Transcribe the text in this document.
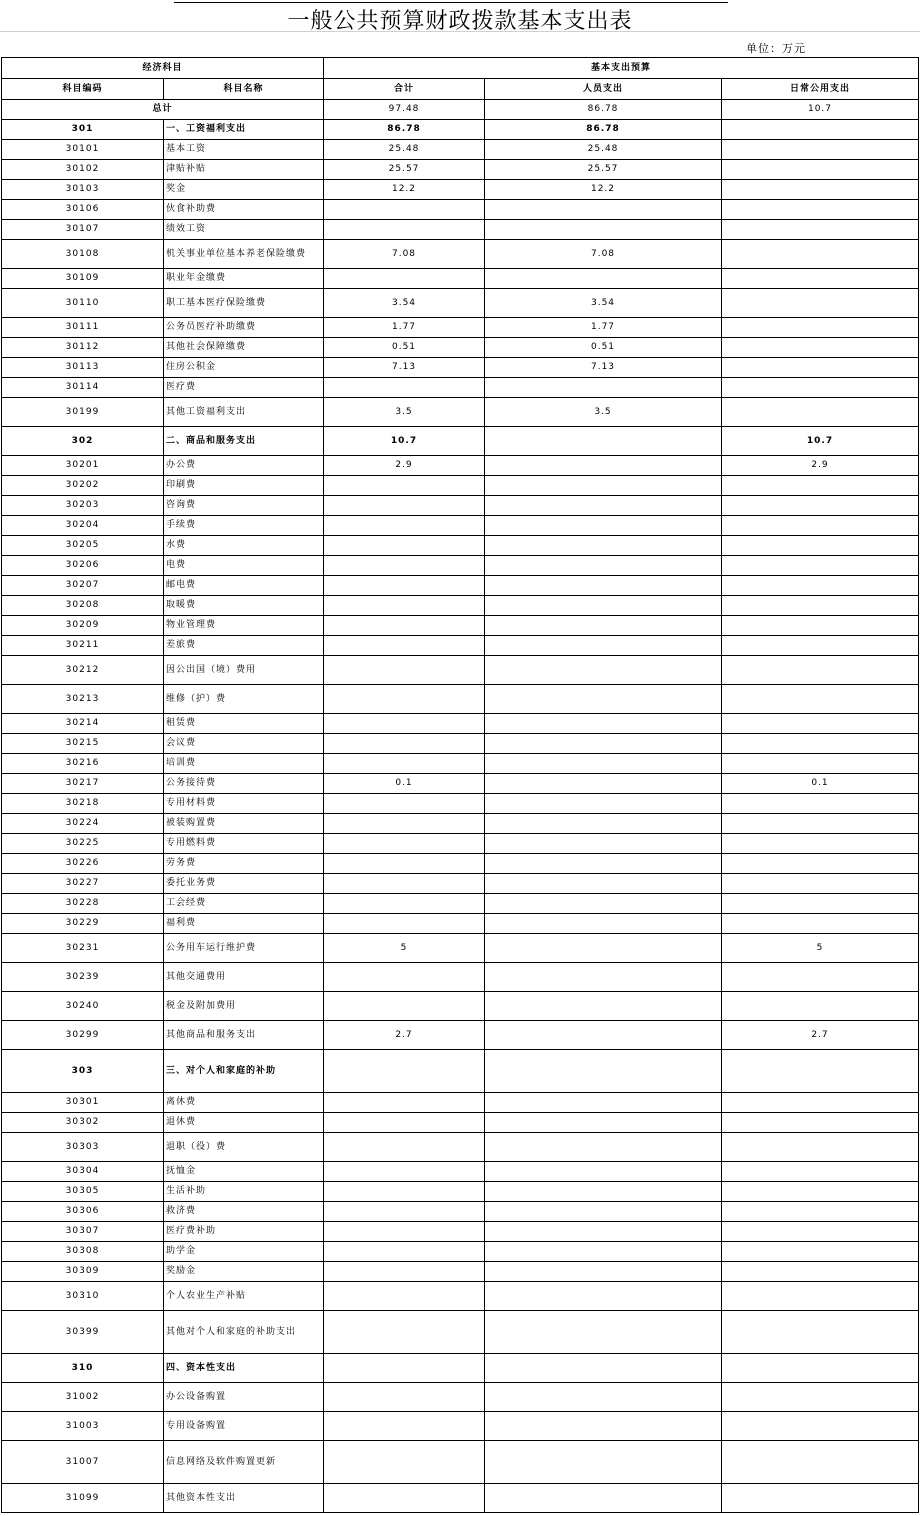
一般公共预算财政拨款基本支出表
单位：万元
经济科目		基本支出预算		
科目编码	科目名称	合计	人员支出	日常公用支出
总计		97.48	86.78	10.7
301	一、工资福利支出	86.78	86.78	
30101	基本工资	25.48	25.48	
30102	津贴补贴	25.57	25.57	
30103	奖金	12.2	12.2	
30106	伙食补助费			
30107	绩效工资			
30108	机关事业单位基本养老保险缴费	7.08	7.08	
30109	职业年金缴费			
30110	职工基本医疗保险缴费	3.54	3.54	
30111	公务员医疗补助缴费	1.77	1.77	
30112	其他社会保障缴费	0.51	0.51	
30113	住房公积金	7.13	7.13	
30114	医疗费			
30199	其他工资福利支出	3.5	3.5	
302	二、商品和服务支出	10.7		10.7
30201	办公费	2.9		2.9
30202	印刷费			
30203	咨询费			
30204	手续费			
30205	水费			
30206	电费			
30207	邮电费			
30208	取暖费			
30209	物业管理费			
30211	差旅费			
30212	因公出国（境）费用			
30213	维修（护）费			
30214	租赁费			
30215	会议费			
30216	培训费			
30217	公务接待费	0.1		0.1
30218	专用材料费			
30224	被装购置费			
30225	专用燃料费			
30226	劳务费			
30227	委托业务费			
30228	工会经费			
30229	福利费			
30231	公务用车运行维护费	5		5
30239	其他交通费用			
30240	税金及附加费用			
30299	其他商品和服务支出	2.7		2.7
303	三、对个人和家庭的补助			
30301	离休费			
30302	退休费			
30303	退职（役）费			
30304	抚恤金			
30305	生活补助			
30306	救济费			
30307	医疗费补助			
30308	助学金			
30309	奖励金			
30310	个人农业生产补贴			
30399	其他对个人和家庭的补助支出			
310	四、资本性支出			
31002	办公设备购置			
31003	专用设备购置			
31007	信息网络及软件购置更新			
31099	其他资本性支出			
